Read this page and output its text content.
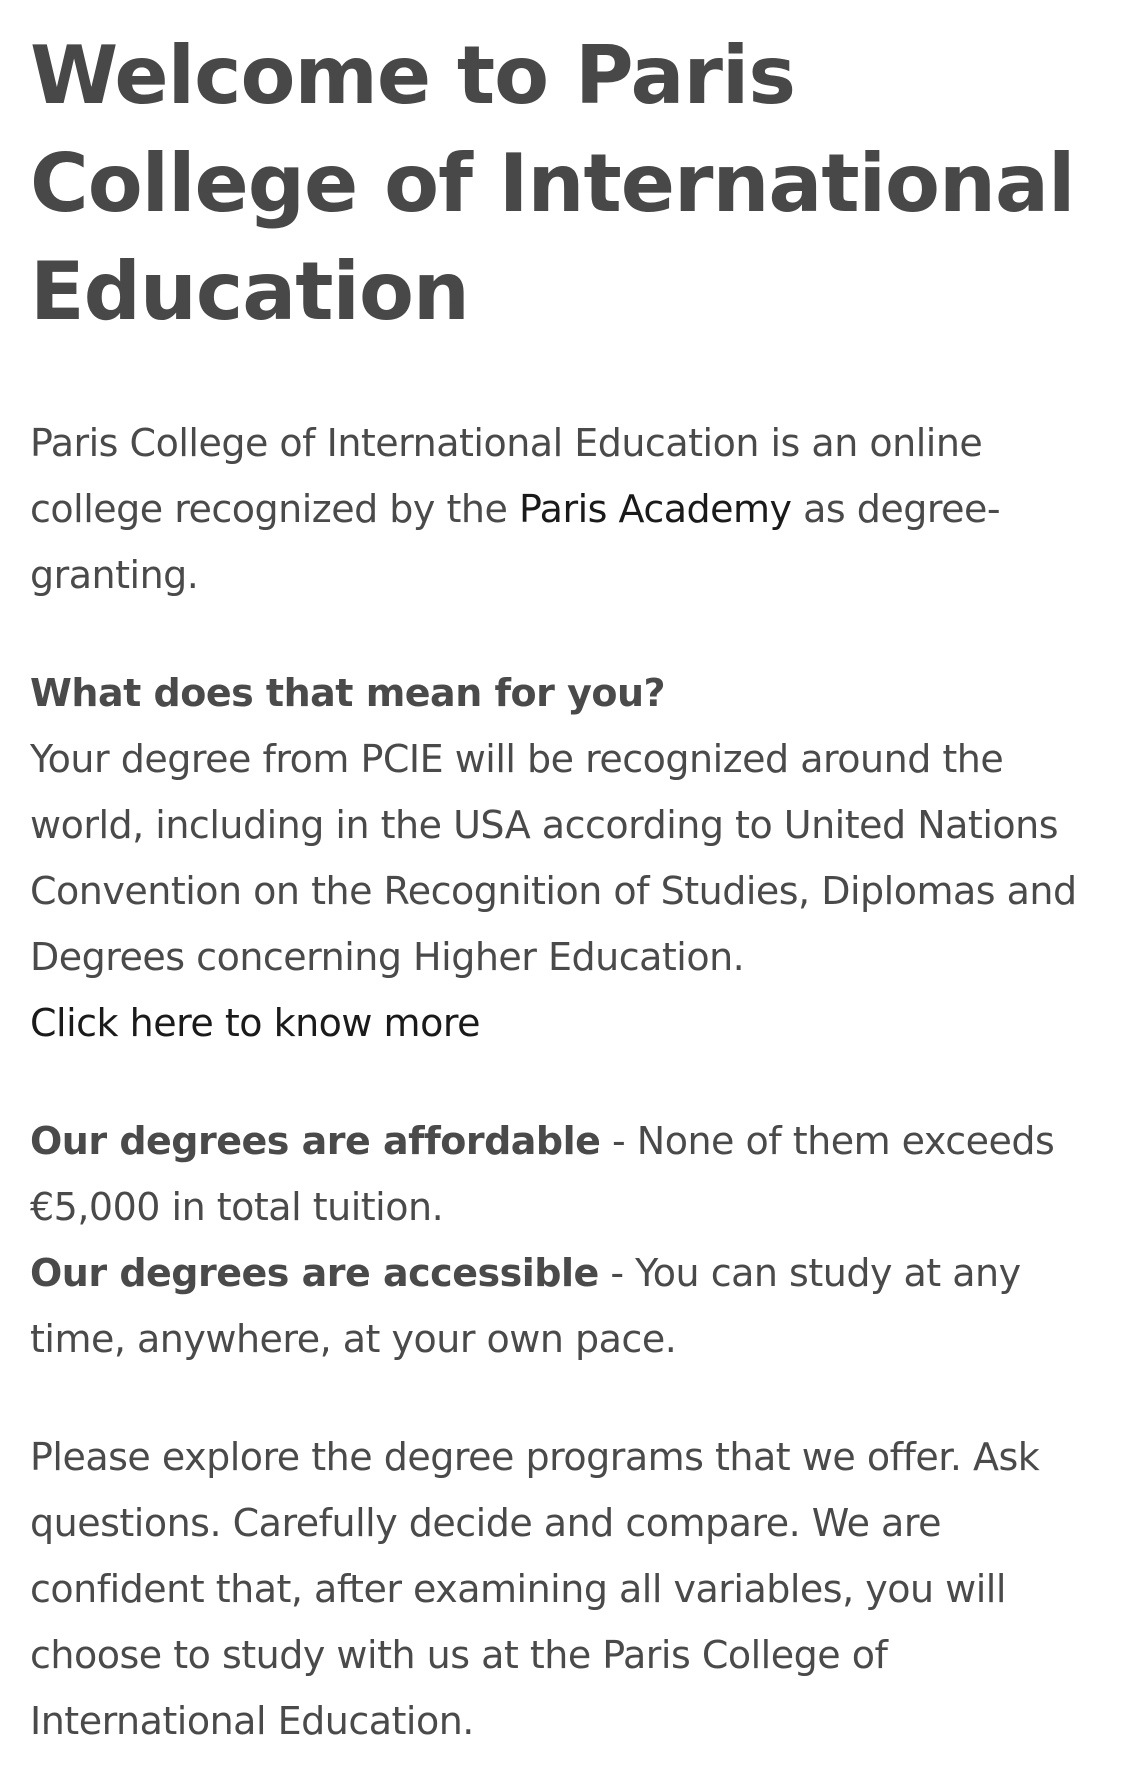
Welcome to Paris College of International Education

Paris College of International Education is an online college recognized by the Paris Academy as degree-granting.

What does that mean for you?
Your degree from PCIE will be recognized around the world, including in the USA according to United Nations Convention on the Recognition of Studies, Diplomas and Degrees concerning Higher Education.
Click here to know more

Our degrees are affordable - None of them exceeds €5,000 in total tuition.
Our degrees are accessible - You can study at any time, anywhere, at your own pace.

Please explore the degree programs that we offer. Ask questions. Carefully decide and compare. We are confident that, after examining all variables, you will choose to study with us at the Paris College of International Education.
